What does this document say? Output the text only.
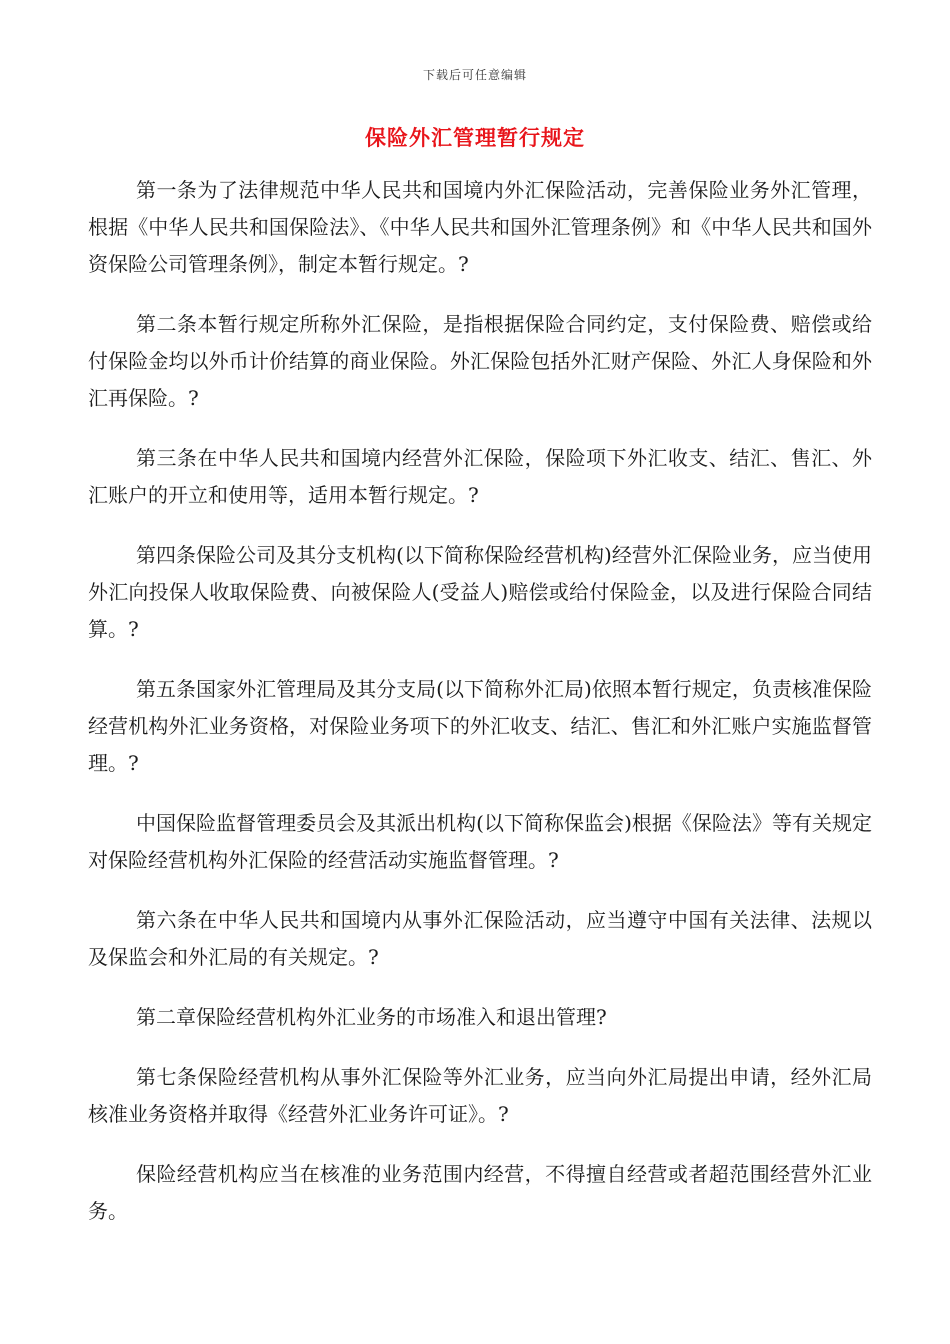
下载后可任意编辑
保险外汇管理暂行规定

第一条为了法律规范中华人民共和国境内外汇保险活动，完善保险业务外汇管理，根据《中华人民共和国保险法》、《中华人民共和国外汇管理条例》和《中华人民共和国外资保险公司管理条例》，制定本暂行规定。?

第二条本暂行规定所称外汇保险，是指根据保险合同约定，支付保险费、赔偿或给付保险金均以外币计价结算的商业保险。外汇保险包括外汇财产保险、外汇人身保险和外汇再保险。?

第三条在中华人民共和国境内经营外汇保险，保险项下外汇收支、结汇、售汇、外汇账户的开立和使用等，适用本暂行规定。?

第四条保险公司及其分支机构(以下简称保险经营机构)经营外汇保险业务，应当使用外汇向投保人收取保险费、向被保险人(受益人)赔偿或给付保险金，以及进行保险合同结算。?

第五条国家外汇管理局及其分支局(以下简称外汇局)依照本暂行规定，负责核准保险经营机构外汇业务资格，对保险业务项下的外汇收支、结汇、售汇和外汇账户实施监督管理。?

中国保险监督管理委员会及其派出机构(以下简称保监会)根据《保险法》等有关规定对保险经营机构外汇保险的经营活动实施监督管理。?

第六条在中华人民共和国境内从事外汇保险活动，应当遵守中国有关法律、法规以及保监会和外汇局的有关规定。?

第二章保险经营机构外汇业务的市场准入和退出管理?

第七条保险经营机构从事外汇保险等外汇业务，应当向外汇局提出申请，经外汇局核准业务资格并取得《经营外汇业务许可证》。?

保险经营机构应当在核准的业务范围内经营，不得擅自经营或者超范围经营外汇业务。
